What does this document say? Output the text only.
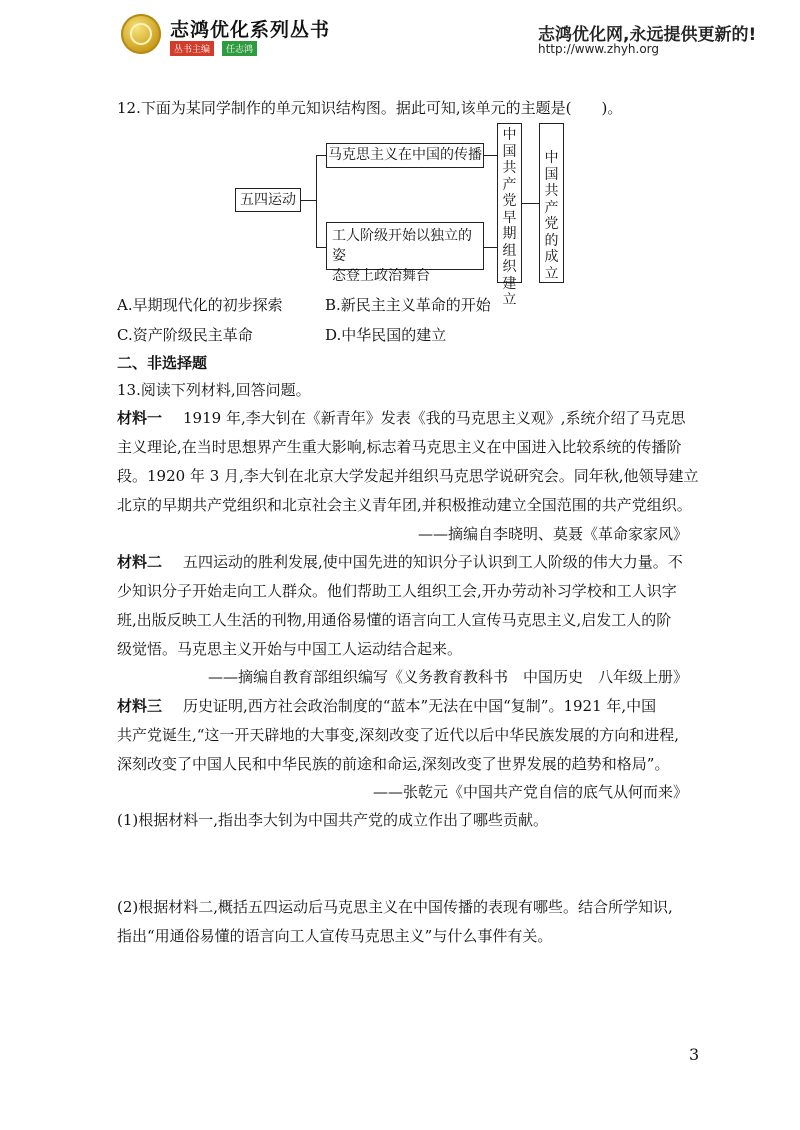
志鸿优化系列丛书
丛书主编	任志鸿
志鸿优化网,永远提供更新的!
http://www.zhyh.org
12.下面为某同学制作的单元知识结构图。据此可知,该单元的主题是(　　)。
五四运动
马克思主义在中国的传播
工人阶级开始以独立的姿
态登上政治舞台
中
国
共
产
党
早
期
组
织
建
立
中
国
共
产
党
的
成
立
A.早期现代化的初步探索	B.新民主主义革命的开始
C.资产阶级民主革命	D.中华民国的建立
二、非选择题
13.阅读下列材料,回答问题。
材料一 1919 年,李大钊在《新青年》发表《我的马克思主义观》,系统介绍了马克思
主义理论,在当时思想界产生重大影响,标志着马克思主义在中国进入比较系统的传播阶
段。1920 年 3 月,李大钊在北京大学发起并组织马克思学说研究会。同年秋,他领导建立
北京的早期共产党组织和北京社会主义青年团,并积极推动建立全国范围的共产党组织。
——摘编自李晓明、莫聂《革命家家风》
材料二 五四运动的胜利发展,使中国先进的知识分子认识到工人阶级的伟大力量。不
少知识分子开始走向工人群众。他们帮助工人组织工会,开办劳动补习学校和工人识字
班,出版反映工人生活的刊物,用通俗易懂的语言向工人宣传马克思主义,启发工人的阶
级觉悟。马克思主义开始与中国工人运动结合起来。
——摘编自教育部组织编写《义务教育教科书　中国历史　八年级上册》
材料三 历史证明,西方社会政治制度的“蓝本”无法在中国“复制”。1921 年,中国
共产党诞生,“这一开天辟地的大事变,深刻改变了近代以后中华民族发展的方向和进程,
深刻改变了中国人民和中华民族的前途和命运,深刻改变了世界发展的趋势和格局”。
——张乾元《中国共产党自信的底气从何而来》
(1)根据材料一,指出李大钊为中国共产党的成立作出了哪些贡献。
(2)根据材料二,概括五四运动后马克思主义在中国传播的表现有哪些。结合所学知识,
指出“用通俗易懂的语言向工人宣传马克思主义”与什么事件有关。
3
